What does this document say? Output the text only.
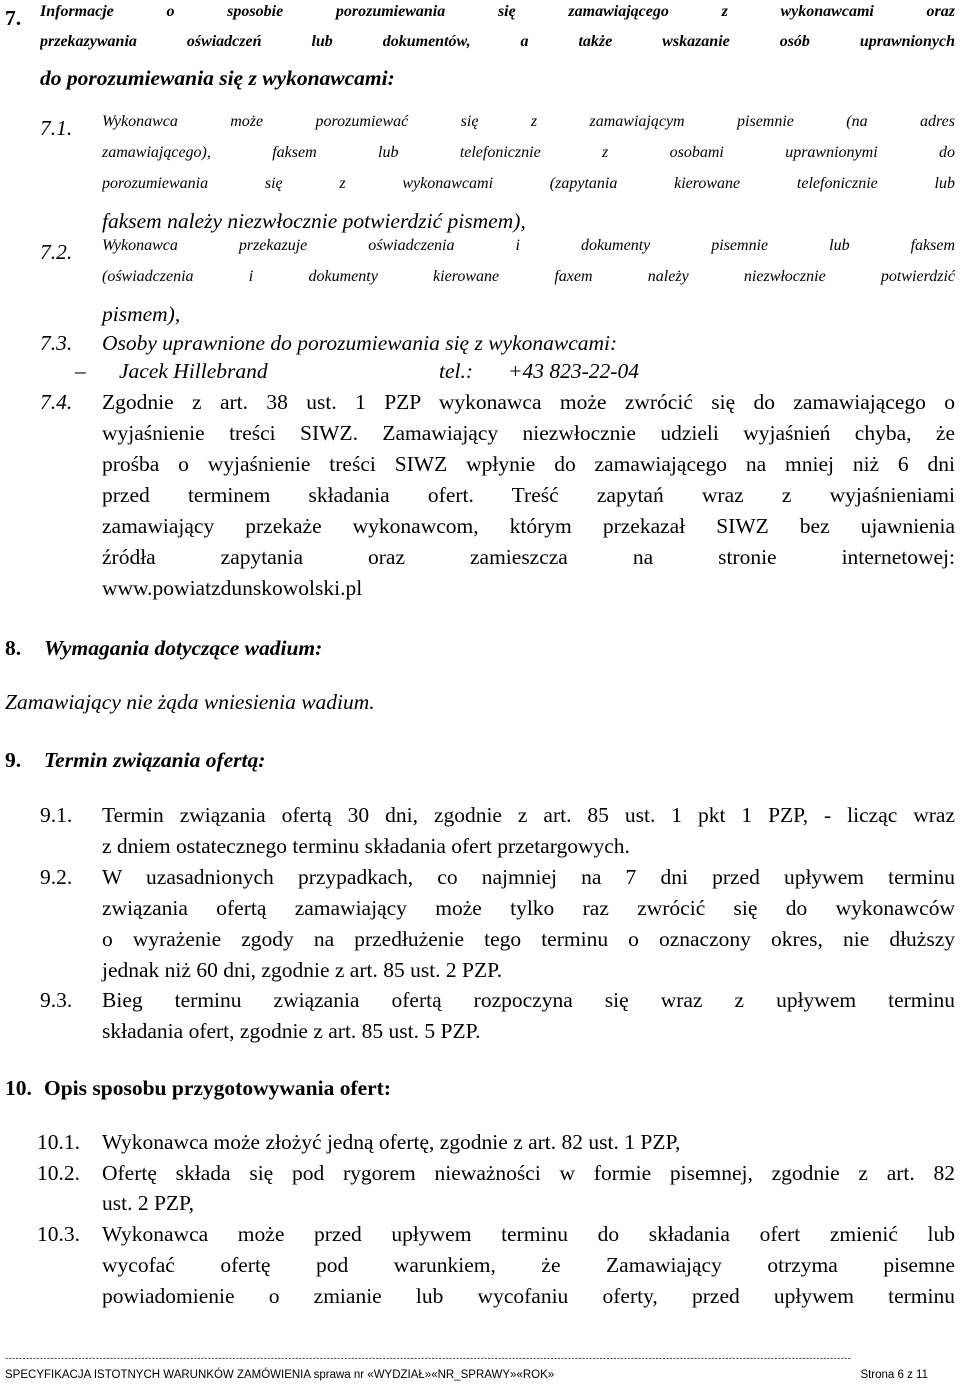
7. Informacje o sposobie porozumiewania się zamawiającego z wykonawcami oraz
przekazywania oświadczeń lub dokumentów, a także wskazanie osób uprawnionych
do porozumiewania się z wykonawcami:
7.1. Wykonawca może porozumiewać się z zamawiającym pisemnie (na adres
zamawiającego), faksem lub telefonicznie z osobami uprawnionymi do
porozumiewania się z wykonawcami (zapytania kierowane telefonicznie lub
faksem należy niezwłocznie potwierdzić pismem),
7.2. Wykonawca przekazuje oświadczenia i dokumenty pisemnie lub faksem
(oświadczenia i dokumenty kierowane faxem należy niezwłocznie potwierdzić
pismem),
7.3. Osoby uprawnione do porozumiewania się z wykonawcami:
– Jacek Hillebrand	tel.: +43 823-22-04
7.4. Zgodnie z art. 38 ust. 1 PZP wykonawca może zwrócić się do zamawiającego o
wyjaśnienie treści SIWZ. Zamawiający niezwłocznie udzieli wyjaśnień chyba, że
prośba o wyjaśnienie treści SIWZ wpłynie do zamawiającego na mniej niż 6 dni
przed terminem składania ofert. Treść zapytań wraz z wyjaśnieniami
zamawiający przekaże wykonawcom, którym przekazał SIWZ bez ujawnienia
źródła zapytania oraz zamieszcza na stronie internetowej:
www.powiatzdunskowolski.pl
8. Wymagania dotyczące wadium:
Zamawiający nie żąda wniesienia wadium.
9. Termin związania ofertą:
9.1. Termin związania ofertą 30 dni, zgodnie z art. 85 ust. 1 pkt 1 PZP, - licząc wraz
z dniem ostatecznego terminu składania ofert przetargowych.
9.2. W uzasadnionych przypadkach, co najmniej na 7 dni przed upływem terminu
związania ofertą zamawiający może tylko raz zwrócić się do wykonawców
o wyrażenie zgody na przedłużenie tego terminu o oznaczony okres, nie dłuższy
jednak niż 60 dni, zgodnie z art. 85 ust. 2 PZP.
9.3. Bieg terminu związania ofertą rozpoczyna się wraz z upływem terminu
składania ofert, zgodnie z art. 85 ust. 5 PZP.
10. Opis sposobu przygotowywania ofert:
10.1. Wykonawca może złożyć jedną ofertę, zgodnie z art. 82 ust. 1 PZP,
10.2. Ofertę składa się pod rygorem nieważności w formie pisemnej, zgodnie z art. 82
ust. 2 PZP,
10.3. Wykonawca może przed upływem terminu do składania ofert zmienić lub
wycofać ofertę pod warunkiem, że Zamawiający otrzyma pisemne
powiadomienie o zmianie lub wycofaniu oferty, przed upływem terminu
--------------------------------------------------------------------------------------------------------------------------------------------------------------------------------------------------------------------------------------------------
SPECYFIKACJA ISTOTNYCH WARUNKÓW ZAMÓWIENIA sprawa nr «WYDZIAŁ»«NR_SPRAWY»«ROK»	Strona 6 z 11
